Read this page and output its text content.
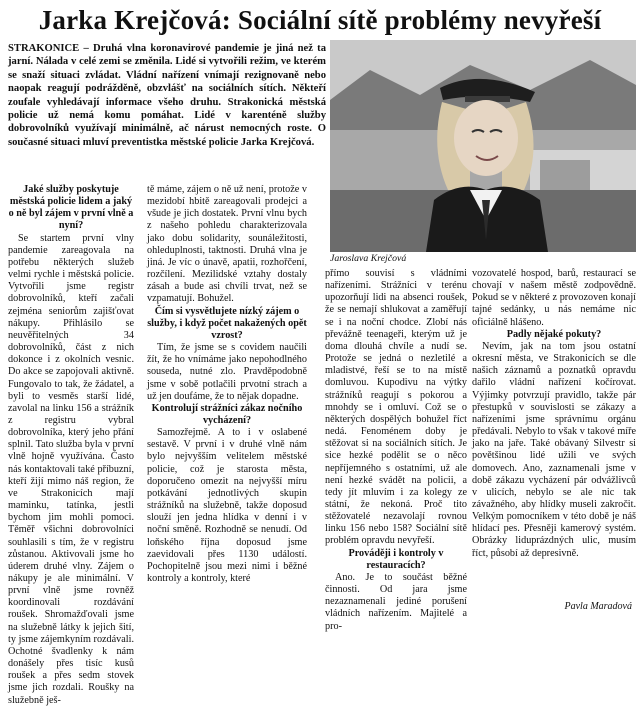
Jarka Krejčová: Sociální sítě problémy nevyřeší
STRAKONICE – Druhá vlna koronavirové pandemie je jiná než ta jarní. Nálada v celé zemi se změnila. Lidé si vytvořili režim, ve kterém se snaží situaci zvládat. Vládní nařízení vnímají rezignovaně nebo naopak reagují podrážděně, obzvlášť na sociálních sítích. Někteří zoufale vyhledávají informace všeho druhu. Strakonická městská policie už nemá komu pomáhat. Lidé v karenténě služby dobrovolníků využívají minimálně, ač nárust nemocných roste. O současné situaci mluví preventistka městské policie Jarka Krejčová.
Jaroslava Krejčová
Jaké služby poskytuje městská policie lidem a jaký o ně byl zájem v první vlně a nyní?
Se startem první vlny pandemie zareagovala na potřebu některých služeb velmi rychle i městská policie. Vytvořili jsme registr dobrovolníků, kteří začali zejména seniorům zajišťovat nákupy. Přihlásilo se neuvěřitelných 34 dobrovolníků, část z nich dokonce i z okolních vesnic. Do akce se zapojovali aktivně. Fungovalo to tak, že žádatel, a byli to vesměs starší lidé, zavolal na linku 156 a strážník z registru vybral dobrovolníka, který jeho přání splnil. Tato služba byla v první vlně hojně využívána. Často nás kontaktovali také příbuzní, kteří žijí mimo náš region, že ve Strakonicích mají maminku, tatínka, jestli bychom jim mohli pomoci. Těměř všichni dobrovolníci souhlasili s tím, že v registru zůstanou. Aktivovali jsme ho úderem druhé vlny. Zájem o nákupy je ale minimální. V první vlně jsme rovněž koordinovali rozdávání roušek. Shromažďovali jsme na služebně látky k jejich šití, ty jsme zájemkyním rozdávali. Ochotné švadlenky k nám donášely přes tisíc kusů roušek a přes sedm stovek jsme jich rozdali. Roušky na služebně ješ-
tě máme, zájem o ně už není, protože v mezidobí hbitě zareagovali prodejci a všude je jich dostatek. První vlnu bych z našeho pohledu charakterizovala jako dobu solidarity, sounáležitosti, ohleduplnosti, taktnosti. Druhá vlna je jiná. Je víc o únavě, apatii, rozhořčení, rozčílení. Mezilidské vztahy dostaly zásah a bude asi chvíli trvat, než se vzpamatují. Bohužel.
Čím si vysvětlujete nízký zájem o služby, i když počet nakažených opět vzrost?
Tím, že jsme se s covidem naučili žít, že ho vnímáme jako nepohodlného souseda, nutné zlo. Pravděpodobně jsme v sobě potlačili prvotní strach a už jen doufáme, že to nějak dopadne.
Kontrolují strážníci zákaz nočního vycházení?
Samozřejmě. A to i v oslabené sestavě. V první i v druhé vlně nám bylo nejvyšším velitelem městské policie, což je starosta města, doporučeno omezit na nejvyšší míru potkávání jednotlivých skupin strážníků na služebně, takže doposud slouží jen jedna hlídka v denní i v noční směně. Rozhodně se nenudí. Od loňského října doposud jsme zaevidovali přes 1130 událostí. Pochopitelně jsou mezi nimi i běžné kontroly a kontroly, které
přímo souvisí s vládními nařízeními. Strážníci v terénu upozorňují lidi na absenci roušek, že se nemají shlukovat a zaměřují se i na noční chodce. Zlobí nás převážně teenageři, kterým už je doma dlouhá chvíle a nudí se. Protože se jedná o nezletilé a mladistvé, řeší se to na místě domluvou. Kupodivu na výtky strážníků reagují s pokorou a mnohdy se i omluví. Což se o některých dospělých bohužel říct nedá. Fenoménem doby je stěžovat si na sociálních sítích. Je sice hezké podělit se o něco nepříjemného s ostatními, už ale není hezké svádět na policii, a tedy jít mluvím i za kolegy ze státní, že nekoná. Proč tito stěžovatelé nezavolají rovnou linku 156 nebo 158? Sociální sítě problém opravdu nevyřeší.
Prováději i kontroly v restauracích?
Ano. Je to součást běžné činnosti. Od jara jsme nezaznamenali jediné porušení vládních nařízením. Majitelé a pro-
vozovatelé hospod, barů, restaurací se chovají v našem městě zodpovědně. Pokud se v některé z provozoven konají tajné sedánky, u nás nemáme nic oficiálně hlášeno.
Padly nějaké pokuty?
Nevím, jak na tom jsou ostatní okresní města, ve Strakonicích se dle našich záznamů a poznatků opravdu dařilo vládní nařízení kočírovat. Výjimky potvrzují pravidlo, takže pár přestupků v souvislosti se zákazy a nařízeními jsme správnímu orgánu předávali. Nebylo to však v takové míře jako na jaře. Také obávaný Silvestr si povětšinou lidé užili ve svých domovech. Ano, zaznamenali jsme v době zákazu vycházení pár odvážlivců v ulicích, nebylo se ale nic tak závažného, aby hlídky museli zakročit. Velkým pomocníkem v této době je náš hlídací pes. Přesněji kamerový systém. Obrázky liduprázdných ulic, musím říct, působí až depresivně.
Pavla Maradová
